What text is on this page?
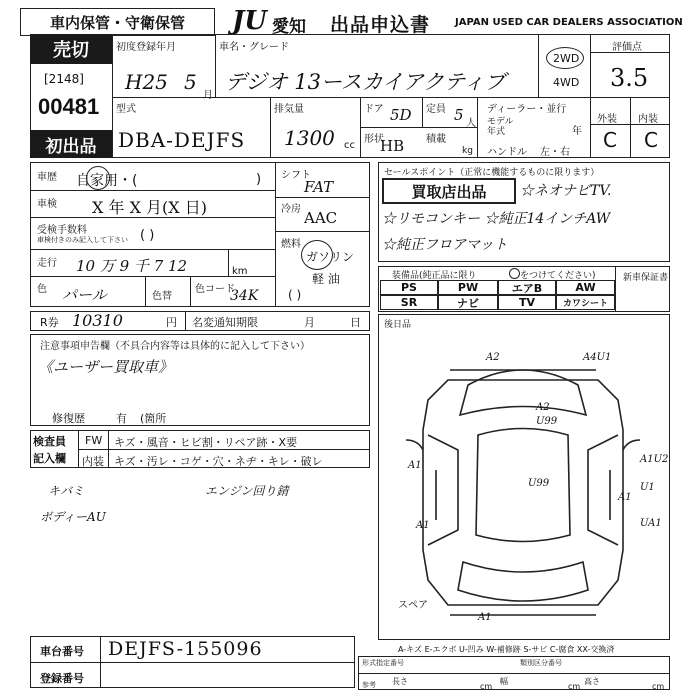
車内保管・守衛保管 JU 愛知 出品申込書 JAPAN USED CAR DEALERS ASSOCIATION
売切
[2148]
00481
初出品
初度登録年月
H25 5
月
車名・グレード
デジオ 13ースカイアクティブ
2WD
4WD
評価点
3.5
型式
DBA-DEJFS
排気量
1300 cc
ドア 5D 定員 5 人
形状
HB 積載
kg
ディーラー・並行
モデル
年式	年
ハンドル 左・右
外装 内装
C C
車歴 自家用・(	)
車検 X 年 X 月(X 日)
受検手数料
車検付きのみ記入して下さい ( )
走行 10 万 9 千 7 12	km
色 パール	色替
色コード
34K
シフト
FAT
冷房 AAC
燃料
ガソリン
軽 油
( )
セールスポイント（正常に機能するものに限ります）
買取店出品 ☆ネオナビTV.
☆リモコンキー ☆純正14インチAW
☆純正フロアマット
装備品(純正品に限り	をつけてください)
PS	PW	エアB	AW
SR	ナビ	TV	カワシート
新車保証書
R券 10310	円 名変通知期限	月	日
注意事項申告欄（不具合内容等は具体的に記入して下さい）
《ユーザー買取車》
修復歴	有 (箇所
検査員
記入欄
FW キズ・風音・ヒビ割・リペア跡・X要
内装 キズ・汚レ・コゲ・穴・ネヂ・キレ・破レ
キバミ
ボディーAU
エンジン回り錆
後日品
A2	A4U1
A2
U99
U99
A1
A1
A1
U1
UA1
A1U2
A1
スペア
A-キズ E-エクボ U-凹み W-補修跡 S-サビ C-腐食 XX-交換済
車台番号 DEJFS-155096
登録番号
形式指定番号	類別区分番号
参考 長さ
cm
幅
cm
高さ
cm
